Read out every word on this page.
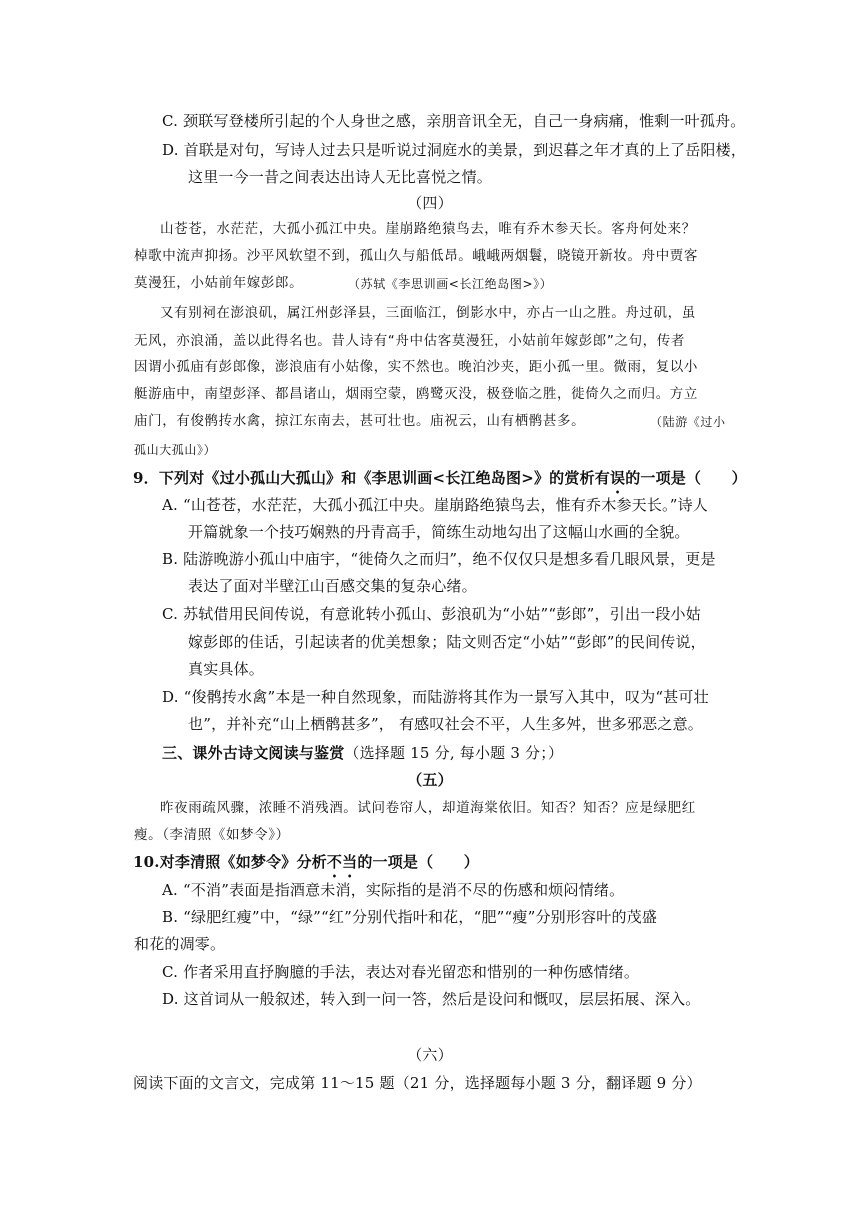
C. 颈联写登楼所引起的个人身世之感，亲朋音讯全无，自己一身病痛，惟剩一叶孤舟。
D. 首联是对句，写诗人过去只是听说过洞庭水的美景，到迟暮之年才真的上了岳阳楼，
这里一今一昔之间表达出诗人无比喜悦之情。
（四）
山苍苍，水茫茫，大孤小孤江中央。崖崩路绝猿鸟去，唯有乔木参天长。客舟何处来？
棹歌中流声抑扬。沙平风软望不到，孤山久与船低昂。峨峨两烟鬟，晓镜开新妆。舟中贾客
莫漫狂，小姑前年嫁彭郎。	（苏轼《李思训画<长江绝岛图>》）
又有别祠在澎浪矶，属江州彭泽县，三面临江，倒影水中，亦占一山之胜。舟过矶，虽
无风，亦浪涌，盖以此得名也。昔人诗有“舟中估客莫漫狂，小姑前年嫁彭郎”之句，传者
因谓小孤庙有彭郎像，澎浪庙有小姑像，实不然也。晚泊沙夹，距小孤一里。微雨，复以小
艇游庙中，南望彭泽、都昌诸山，烟雨空蒙，鸥鹭灭没，极登临之胜，徙倚久之而归。方立
庙门，有俊鹘抟水禽，掠江东南去，甚可壮也。庙祝云，山有栖鹘甚多。	（陆游《过小
孤山大孤山》）
9．下列对《过小孤山大孤山》和《李思训画<长江绝岛图>》的赏析有误的一项是（　　）
A. “山苍苍，水茫茫，大孤小孤江中央。崖崩路绝猿鸟去，惟有乔木参天长。”诗人
开篇就象一个技巧娴熟的丹青高手，简练生动地勾出了这幅山水画的全貌。
B. 陆游晚游小孤山中庙宇，“徙倚久之而归”，绝不仅仅只是想多看几眼风景，更是
表达了面对半壁江山百感交集的复杂心绪。
C. 苏轼借用民间传说，有意讹转小孤山、彭浪矶为“小姑”“彭郎”，引出一段小姑
嫁彭郎的佳话，引起读者的优美想象；陆文则否定“小姑”“彭郎”的民间传说，
真实具体。
D. “俊鹘抟水禽”本是一种自然现象，而陆游将其作为一景写入其中，叹为“甚可壮
也”，并补充“山上栖鹘甚多”， 有感叹社会不平，人生多舛，世多邪恶之意。
三、课外古诗文阅读与鉴赏（选择题 15 分, 每小题 3 分；）
（五）
昨夜雨疏风骤，浓睡不消残酒。试问卷帘人，却道海棠依旧。知否？知否？应是绿肥红
瘦。（李清照《如梦令》）
10.对李清照《如梦令》分析不当的一项是（　　）
A. “不消”表面是指酒意未消，实际指的是消不尽的伤感和烦闷情绪。
B. “绿肥红瘦”中，“绿”“红”分别代指叶和花，“肥”“瘦”分别形容叶的茂盛
和花的凋零。
C. 作者采用直抒胸臆的手法，表达对春光留恋和惜别的一种伤感情绪。
D. 这首词从一般叙述，转入到一问一答，然后是设问和慨叹，层层拓展、深入。
（六）
阅读下面的文言文，完成第 11～15 题（21 分，选择题每小题 3 分，翻译题 9 分）
